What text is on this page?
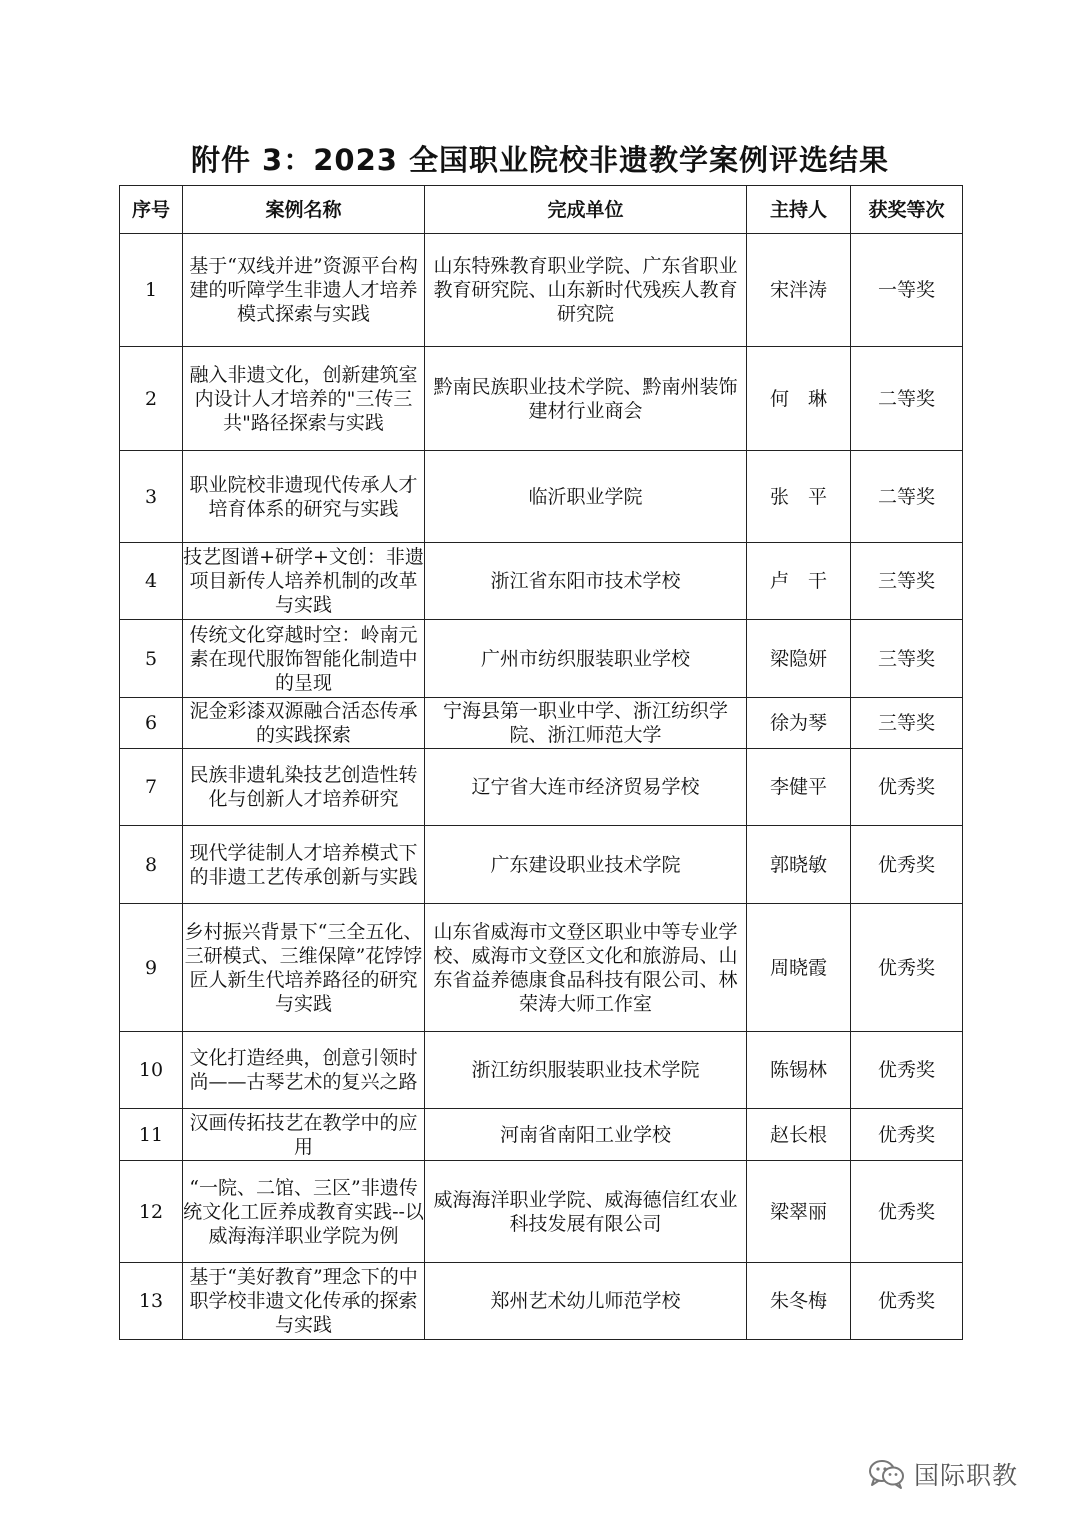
附件 3：2023 全国职业院校非遗教学案例评选结果
序号	案例名称	完成单位	主持人	获奖等次
1	基于“双线并进”资源平台构建的听障学生非遗人才培养模式探索与实践	山东特殊教育职业学院、广东省职业教育研究院、山东新时代残疾人教育研究院	宋泮涛	一等奖
2	融入非遗文化，创新建筑室内设计人才培养的"三传三共"路径探索与实践	黔南民族职业技术学院、黔南州装饰建材行业商会	何　琳	二等奖
3	职业院校非遗现代传承人才培育体系的研究与实践	临沂职业学院	张　平	二等奖
4	技艺图谱+研学+文创：非遗项目新传人培养机制的改革与实践	浙江省东阳市技术学校	卢　干	三等奖
5	传统文化穿越时空：岭南元素在现代服饰智能化制造中的呈现	广州市纺织服装职业学校	梁隐妍	三等奖
6	泥金彩漆双源融合活态传承的实践探索	宁海县第一职业中学、浙江纺织学院、浙江师范大学	徐为琴	三等奖
7	民族非遗轧染技艺创造性转化与创新人才培养研究	辽宁省大连市经济贸易学校	李健平	优秀奖
8	现代学徒制人才培养模式下的非遗工艺传承创新与实践	广东建设职业技术学院	郭晓敏	优秀奖
9	乡村振兴背景下“三全五化、三研模式、三维保障”花饽饽匠人新生代培养路径的研究与实践	山东省威海市文登区职业中等专业学校、威海市文登区文化和旅游局、山东省益养德康食品科技有限公司、林荣涛大师工作室	周晓霞	优秀奖
10	文化打造经典，创意引领时尚——古琴艺术的复兴之路	浙江纺织服装职业技术学院	陈锡林	优秀奖
11	汉画传拓技艺在教学中的应用	河南省南阳工业学校	赵长根	优秀奖
12	“一院、二馆、三区”非遗传统文化工匠养成教育实践--以威海海洋职业学院为例	威海海洋职业学院、威海德信红农业科技发展有限公司	梁翠丽	优秀奖
13	基于“美好教育”理念下的中职学校非遗文化传承的探索与实践	郑州艺术幼儿师范学校	朱冬梅	优秀奖
国际职教
